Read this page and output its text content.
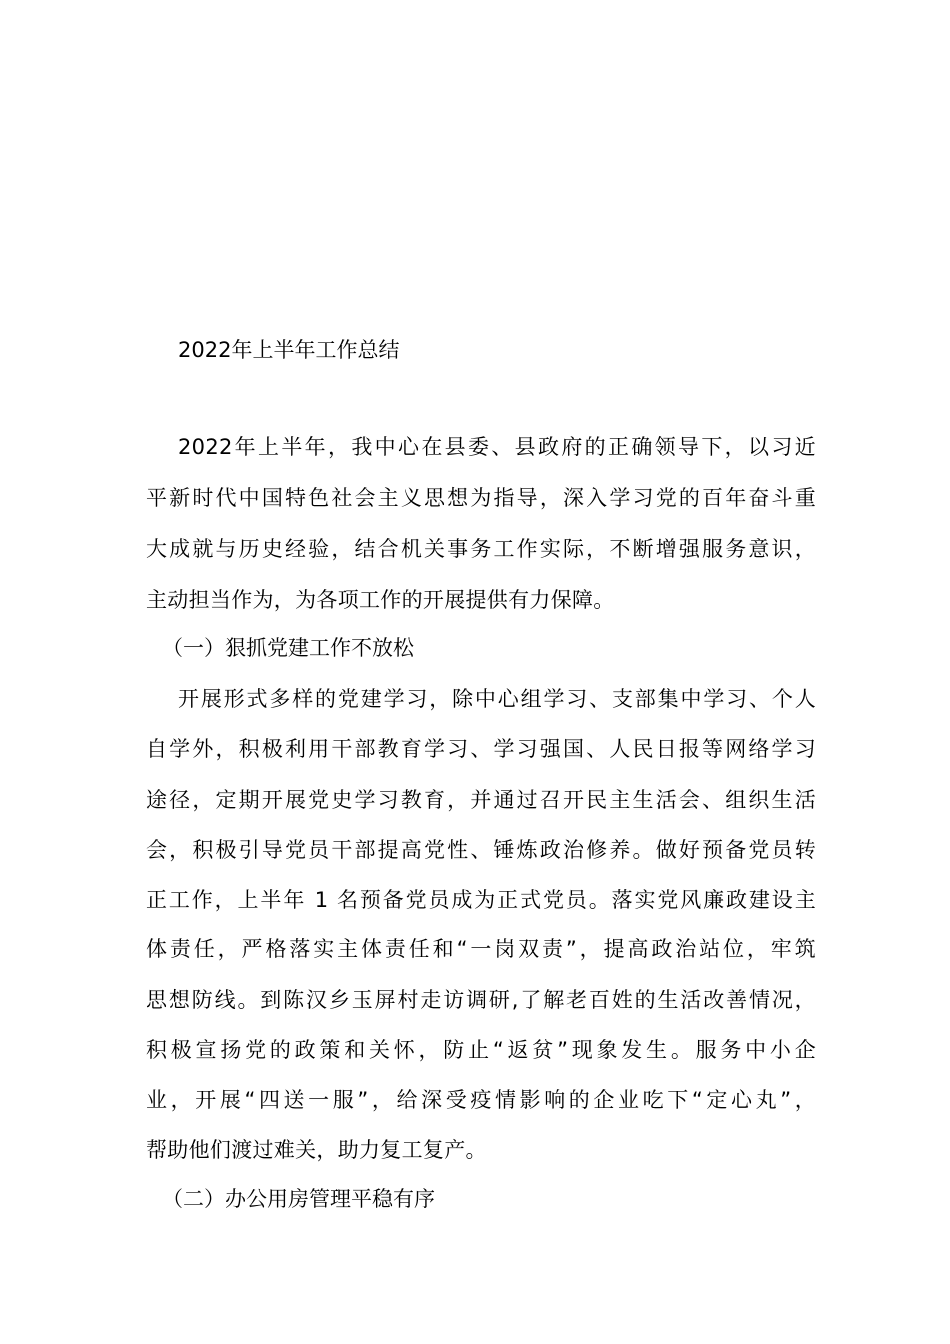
2022年上半年工作总结
2022年上半年，我中心在县委、县政府的正确领导下，以习近
平新时代中国特色社会主义思想为指导，深入学习党的百年奋斗重
大成就与历史经验，结合机关事务工作实际，不断增强服务意识，
主动担当作为，为各项工作的开展提供有力保障。
（一）狠抓党建工作不放松
开展形式多样的党建学习，除中心组学习、支部集中学习、个人
自学外，积极利用干部教育学习、学习强国、人民日报等网络学习
途径，定期开展党史学习教育，并通过召开民主生活会、组织生活
会，积极引导党员干部提高党性、锤炼政治修养。做好预备党员转
正工作，上半年 1 名预备党员成为正式党员。落实党风廉政建设主
体责任，严格落实主体责任和“一岗双责”，提高政治站位，牢筑
思想防线。到陈汉乡玉屏村走访调研,了解老百姓的生活改善情况，
积极宣扬党的政策和关怀，防止“返贫”现象发生。服务中小企
业，开展“四送一服”，给深受疫情影响的企业吃下“定心丸”，
帮助他们渡过难关，助力复工复产。
（二）办公用房管理平稳有序
